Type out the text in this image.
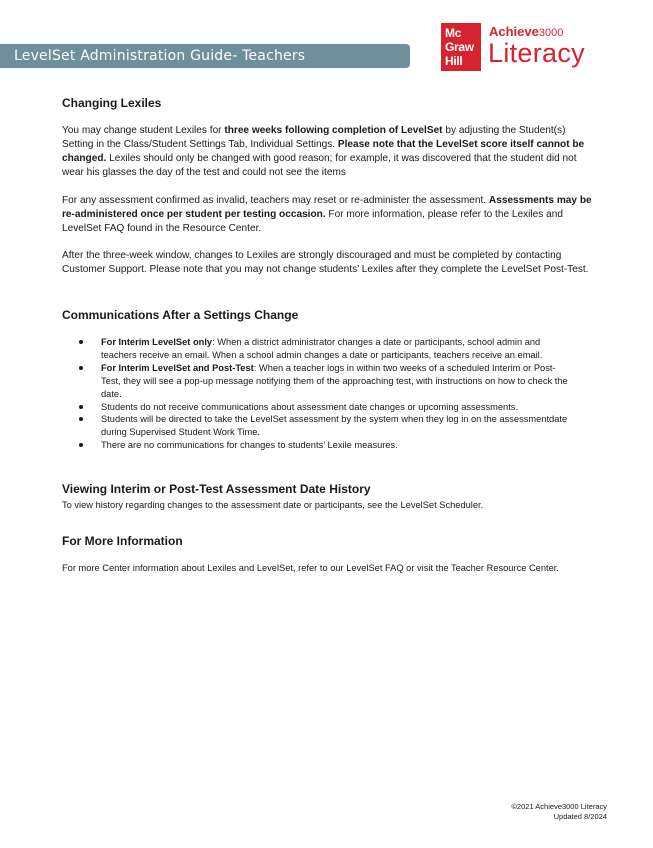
LevelSet Administration Guide- Teachers
Mc
Graw
Hill
Achieve3000
Literacy
Changing Lexiles

You may change student Lexiles for three weeks following completion of LevelSet by adjusting the Student(s) Setting in the Class/Student Settings Tab, Individual Settings. Please note that the LevelSet score itself cannot be changed. Lexiles should only be changed with good reason; for example, it was discovered that the student did not wear his glasses the day of the test and could not see the items

For any assessment confirmed as invalid, teachers may reset or re-administer the assessment. Assessments may be re-administered once per student per testing occasion. For more information, please refer to the Lexiles and LevelSet FAQ found in the Resource Center.

After the three-week window, changes to Lexiles are strongly discouraged and must be completed by contacting Customer Support. Please note that you may not change students’ Lexiles after they complete the LevelSet Post-Test.

Communications After a Settings Change
For Interim LevelSet only: When a district administrator changes a date or participants, school admin and teachers receive an email. When a school admin changes a date or participants, teachers receive an email.
For Interim LevelSet and Post-Test: When a teacher logs in within two weeks of a scheduled Interim or Post-Test, they will see a pop-up message notifying them of the approaching test, with instructions on how to check the date.
Students do not receive communications about assessment date changes or upcoming assessments.
Students will be directed to take the LevelSet assessment by the system when they log in on the assessmentdate during Supervised Student Work Time.
There are no communications for changes to students’ Lexile measures.
Viewing Interim or Post-Test Assessment Date History

To view history regarding changes to the assessment date or participants, see the LevelSet Scheduler.

For More Information

For more Center information about Lexiles and LevelSet, refer to our LevelSet FAQ or visit the Teacher Resource Center.

©2021 Achieve3000 Literacy
Updated 8/2024
